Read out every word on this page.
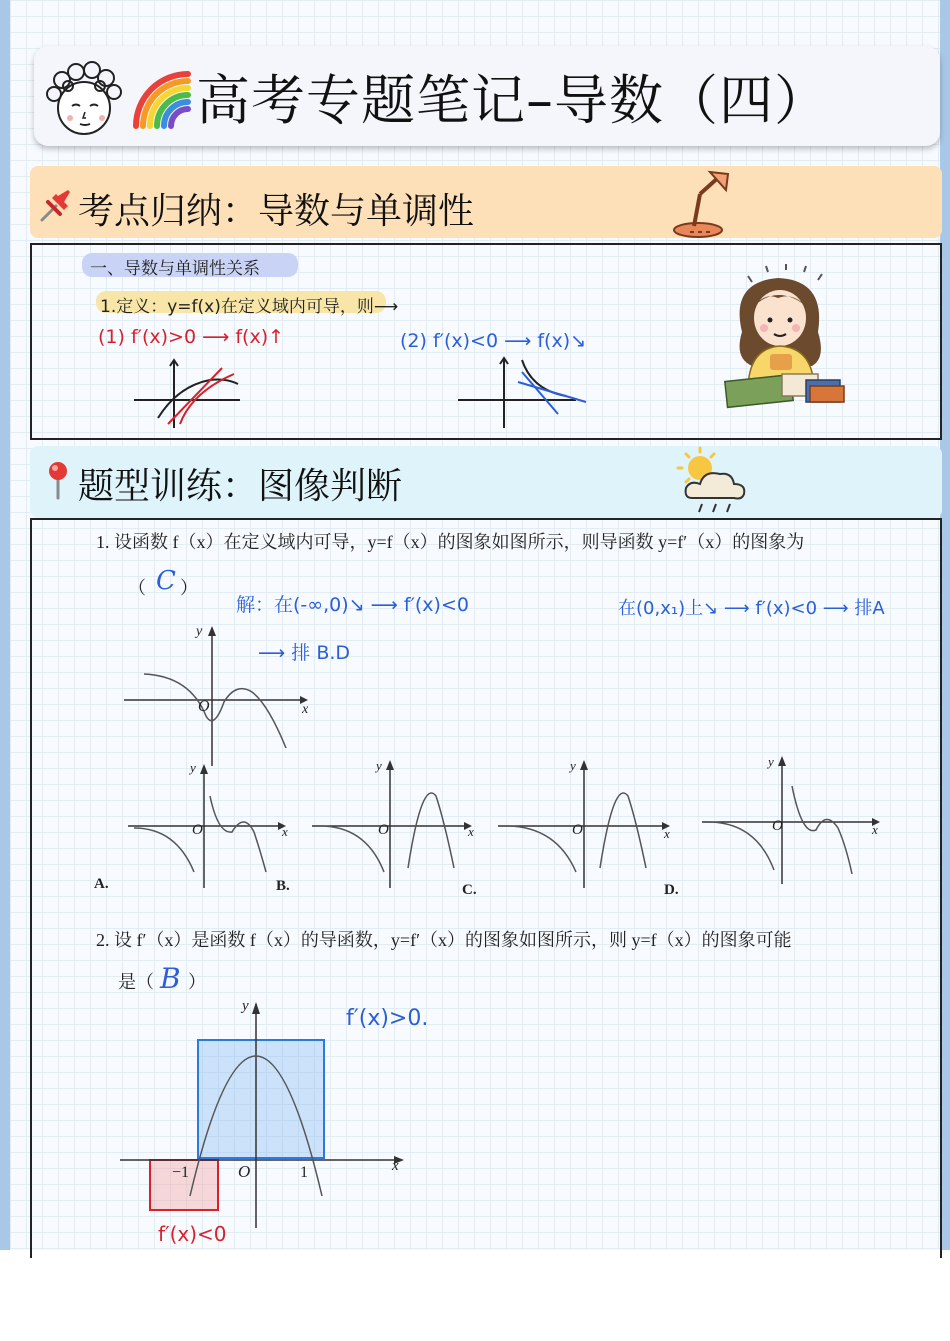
高考专题笔记–导数（四）
考点归纳：导数与单调性
一、导数与单调性关系
1.定义：y=f(x)在定义域内可导，则⟶
(1) f′(x)>0 ⟶ f(x)↑	(2) f′(x)<0 ⟶ f(x)↘
题型训练：图像判断
1. 设函数 f（x）在定义域内可导，y=f（x）的图象如图所示，则导函数 y=f′（x）的图象为
（ C ）
解：在(-∞,0)↘ ⟶ f′(x)<0	在(0,x₁)上↘ ⟶ f′(x)<0 ⟶ 排A
⟶ 排 B.D
y
x
O
y
x
O
A.
y
x
O
B.
y
x
O
C.
y
x
O
D.
2. 设 f′（x）是函数 f（x）的导函数，y=f′（x）的图象如图所示，则 y=f（x）的图象可能
是（ B ）
f′(x)>0.
f′(x)<0
y
x
O
−1	1
